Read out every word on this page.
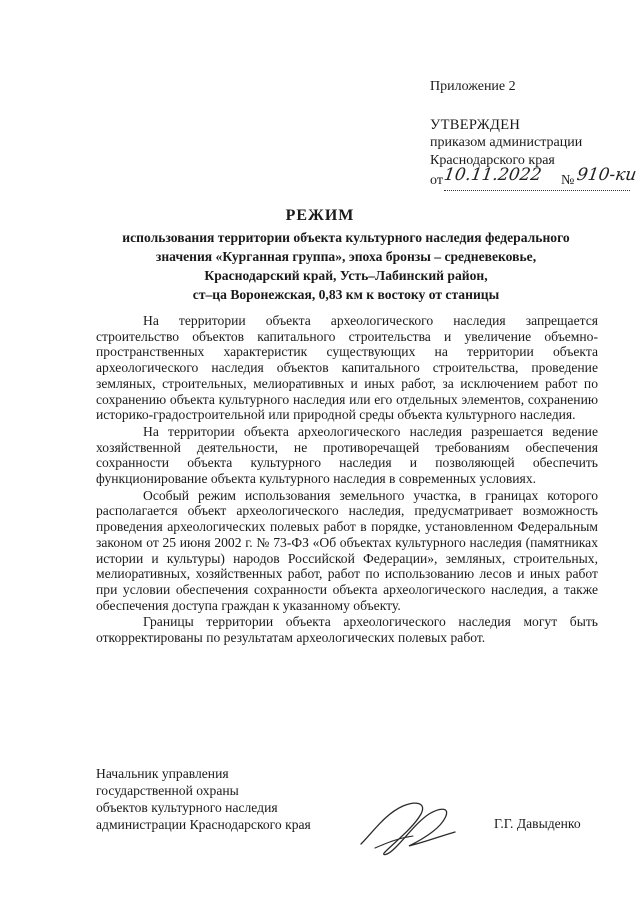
Приложение 2
УТВЕРЖДЕН
приказом администрации
Краснодарского края
от	№
10.11.2022 910-ки
РЕЖИМ
использования территории объекта культурного наследия федерального
значения «Курганная группа», эпоха бронзы – средневековье,
Краснодарский край, Усть–Лабинский район,
ст–ца Воронежская, 0,83 км к востоку от станицы

На территории объекта археологического наследия запрещается строительство объектов капитального строительства и увеличение объемно-пространственных характеристик существующих на территории объекта археологического наследия объектов капитального строительства, проведение земляных, строительных, мелиоративных и иных работ, за исключением работ по сохранению объекта культурного наследия или его отдельных элементов, сохранению историко-градостроительной или природной среды объекта культурного наследия.

На территории объекта археологического наследия разрешается ведение хозяйственной деятельности, не противоречащей требованиям обеспечения сохранности объекта культурного наследия и позволяющей обеспечить функционирование объекта культурного наследия в современных условиях.

Особый режим использования земельного участка, в границах которого располагается объект археологического наследия, предусматривает возможность проведения археологических полевых работ в порядке, установленном Федеральным законом от 25 июня 2002 г. № 73-ФЗ «Об объектах культурного наследия (памятниках истории и культуры) народов Российской Федерации», земляных, строительных, мелиоративных, хозяйственных работ, работ по использованию лесов и иных работ при условии обеспечения сохранности объекта археологического наследия, а также обеспечения доступа граждан к указанному объекту.

Границы территории объекта археологического наследия могут быть откорректированы по результатам археологических полевых работ.

Начальник управления
государственной охраны
объектов культурного наследия
администрации Краснодарского края	Г.Г. Давыденко
